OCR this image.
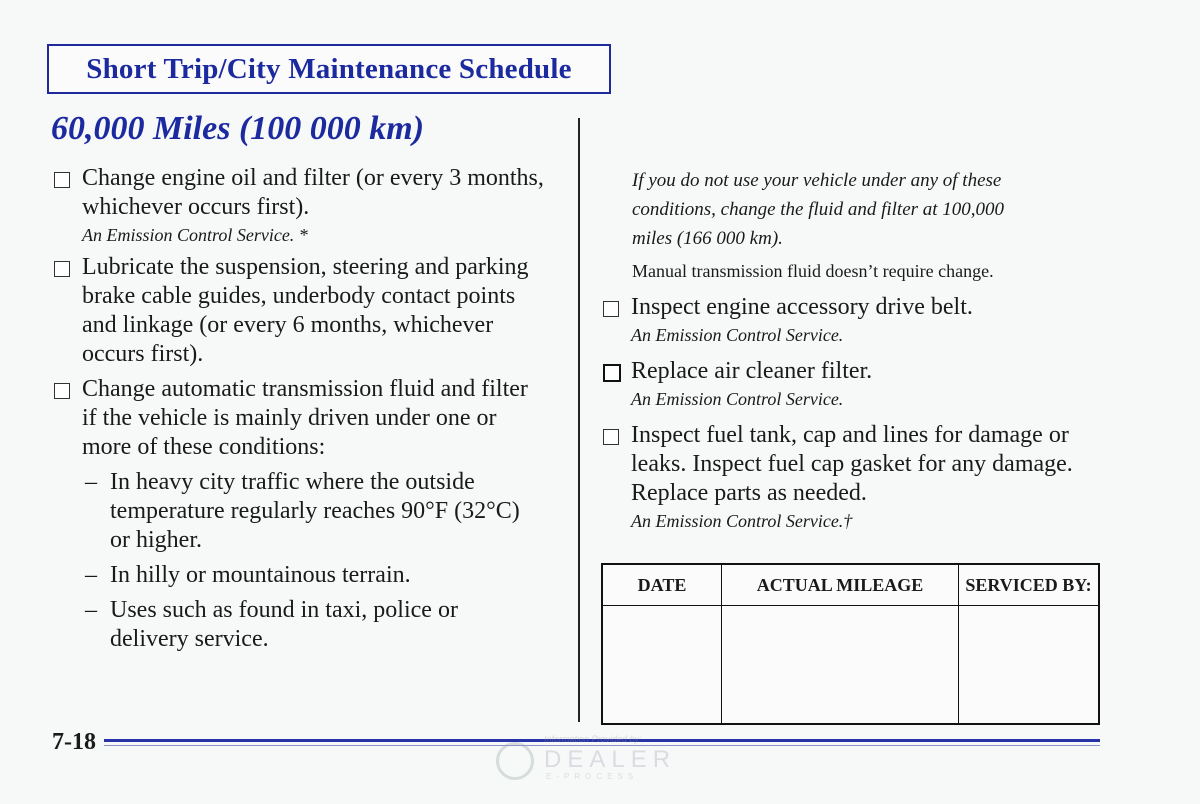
Short Trip/City Maintenance Schedule
60,000 Miles (100 000 km)
Change engine oil and filter (or every 3 months, whichever occurs first).
An Emission Control Service. *
Lubricate the suspension, steering and parking brake cable guides, underbody contact points and linkage (or every 6 months, whichever occurs first).
Change automatic transmission fluid and filter if the vehicle is mainly driven under one or more of these conditions:
– In heavy city traffic where the outside temperature regularly reaches 90°F (32°C) or higher.
– In hilly or mountainous terrain.
– Uses such as found in taxi, police or delivery service.
If you do not use your vehicle under any of these conditions, change the fluid and filter at 100,000 miles (166 000 km).
Manual transmission fluid doesn’t require change.
Inspect engine accessory drive belt.
An Emission Control Service.
Replace air cleaner filter.
An Emission Control Service.
Inspect fuel tank, cap and lines for damage or leaks. Inspect fuel cap gasket for any damage. Replace parts as needed.
An Emission Control Service.†
DATE	ACTUAL MILEAGE	SERVICED BY:

7-18	Information Provided by:
DEALER
E-PROCESS
